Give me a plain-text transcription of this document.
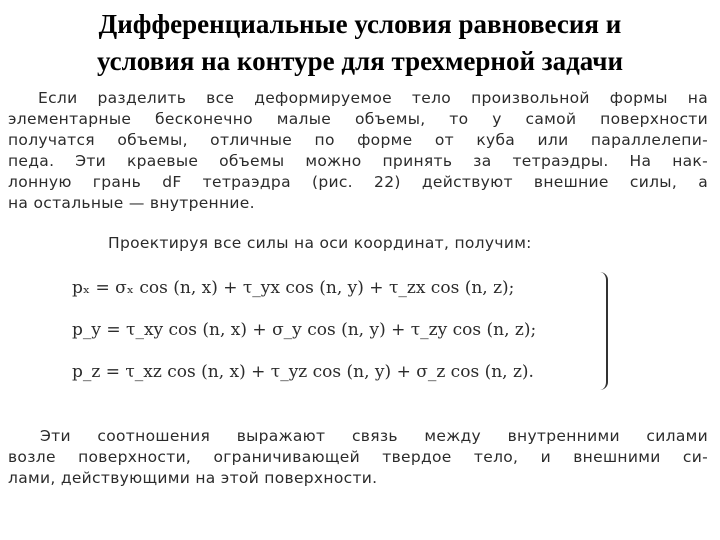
Дифференциальные условия равновесия и
условия на контуре для трехмерной задачи
Если разделить все деформируемое тело произвольной формы на
элементарные бесконечно малые объемы, то у самой поверхности
получатся объемы, отличные по форме от куба или параллелепи-
педа. Эти краевые объемы можно принять за тетраэдры. На нак-
лонную грань dF тетраэдра (рис. 22) действуют внешние силы, а
на остальные — внутренние.
Проектируя все силы на оси координат, получим:
pₓ = σₓ cos (n, x) + τ_yx cos (n, y) + τ_zx cos (n, z);
p_y = τ_xy cos (n, x) + σ_y cos (n, y) + τ_zy cos (n, z);
p_z = τ_xz cos (n, x) + τ_yz cos (n, y) + σ_z cos (n, z).
Эти соотношения выражают связь между внутренними силами
возле поверхности, ограничивающей твердое тело, и внешними си-
лами, действующими на этой поверхности.
